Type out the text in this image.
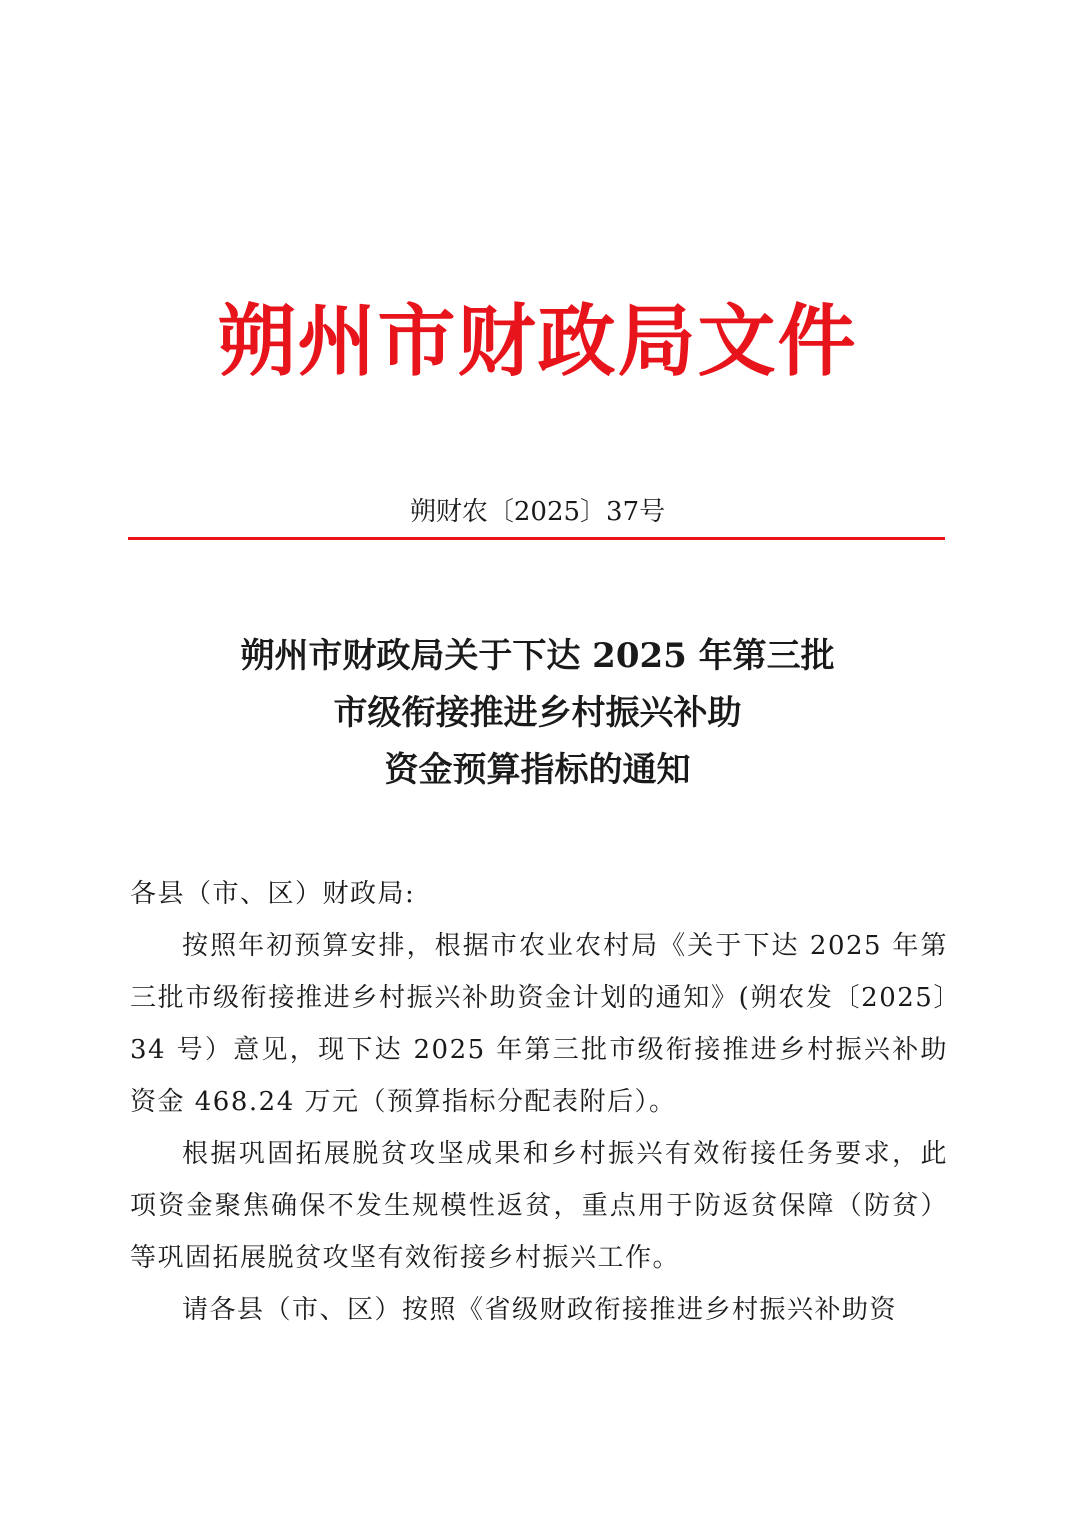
朔州市财政局文件
朔财农〔2025〕37号
朔州市财政局关于下达 2025 年第三批
市级衔接推进乡村振兴补助
资金预算指标的通知

各县（市、区）财政局:

按照年初预算安排，根据市农业农村局《关于下达 2025 年第三批市级衔接推进乡村振兴补助资金计划的通知》(朔农发〔2025〕34 号）意见，现下达 2025 年第三批市级衔接推进乡村振兴补助资金 468.24 万元（预算指标分配表附后）。

根据巩固拓展脱贫攻坚成果和乡村振兴有效衔接任务要求，此项资金聚焦确保不发生规模性返贫，重点用于防返贫保障（防贫）等巩固拓展脱贫攻坚有效衔接乡村振兴工作。

请各县（市、区）按照《省级财政衔接推进乡村振兴补助资
